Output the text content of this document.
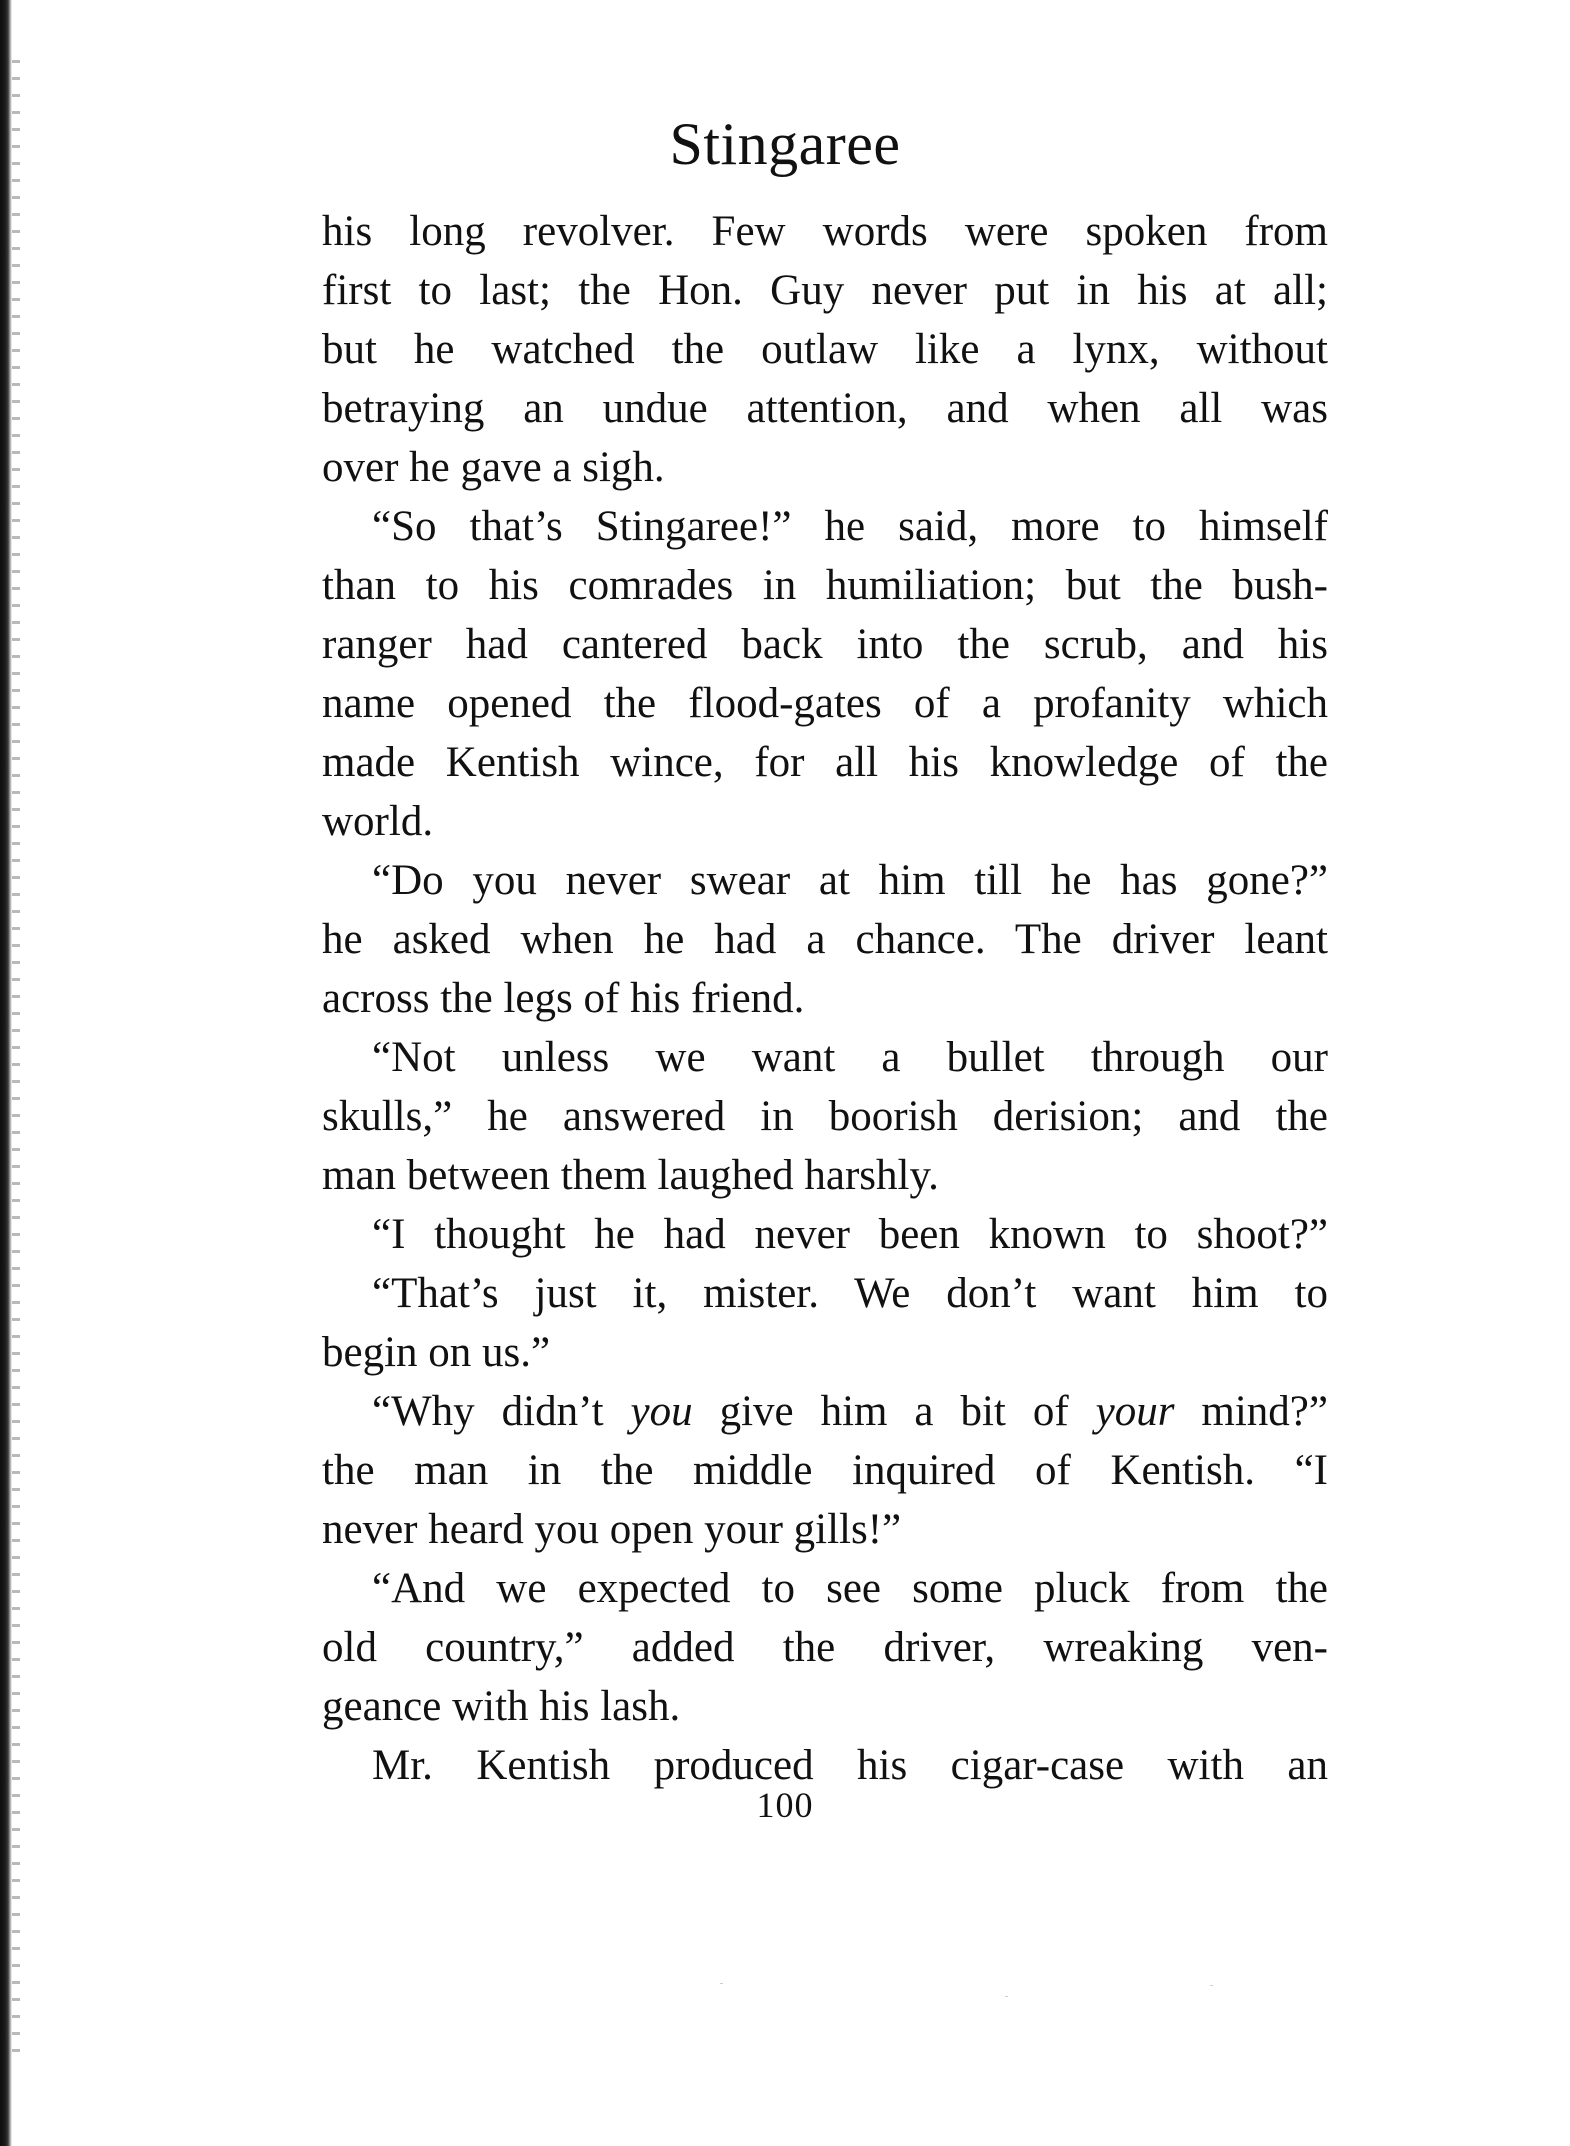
Stingaree
his long revolver. Few words were spoken from
first to last; the Hon. Guy never put in his at all;
but he watched the outlaw like a lynx, without
betraying an undue attention, and when all was
over he gave a sigh.
“So that’s Stingaree!” he said, more to himself
than to his comrades in humiliation; but the bush-
ranger had cantered back into the scrub, and his
name opened the flood-gates of a profanity which
made Kentish wince, for all his knowledge of the
world.
“Do you never swear at him till he has gone?”
he asked when he had a chance. The driver leant
across the legs of his friend.
“Not unless we want a bullet through our
skulls,” he answered in boorish derision; and the
man between them laughed harshly.
“I thought he had never been known to shoot?”
“That’s just it, mister. We don’t want him to
begin on us.”
“Why didn’t you give him a bit of your mind?”
the man in the middle inquired of Kentish. “I
never heard you open your gills!”
“And we expected to see some pluck from the
old country,” added the driver, wreaking ven-
geance with his lash.
Mr. Kentish produced his cigar-case with an
100
